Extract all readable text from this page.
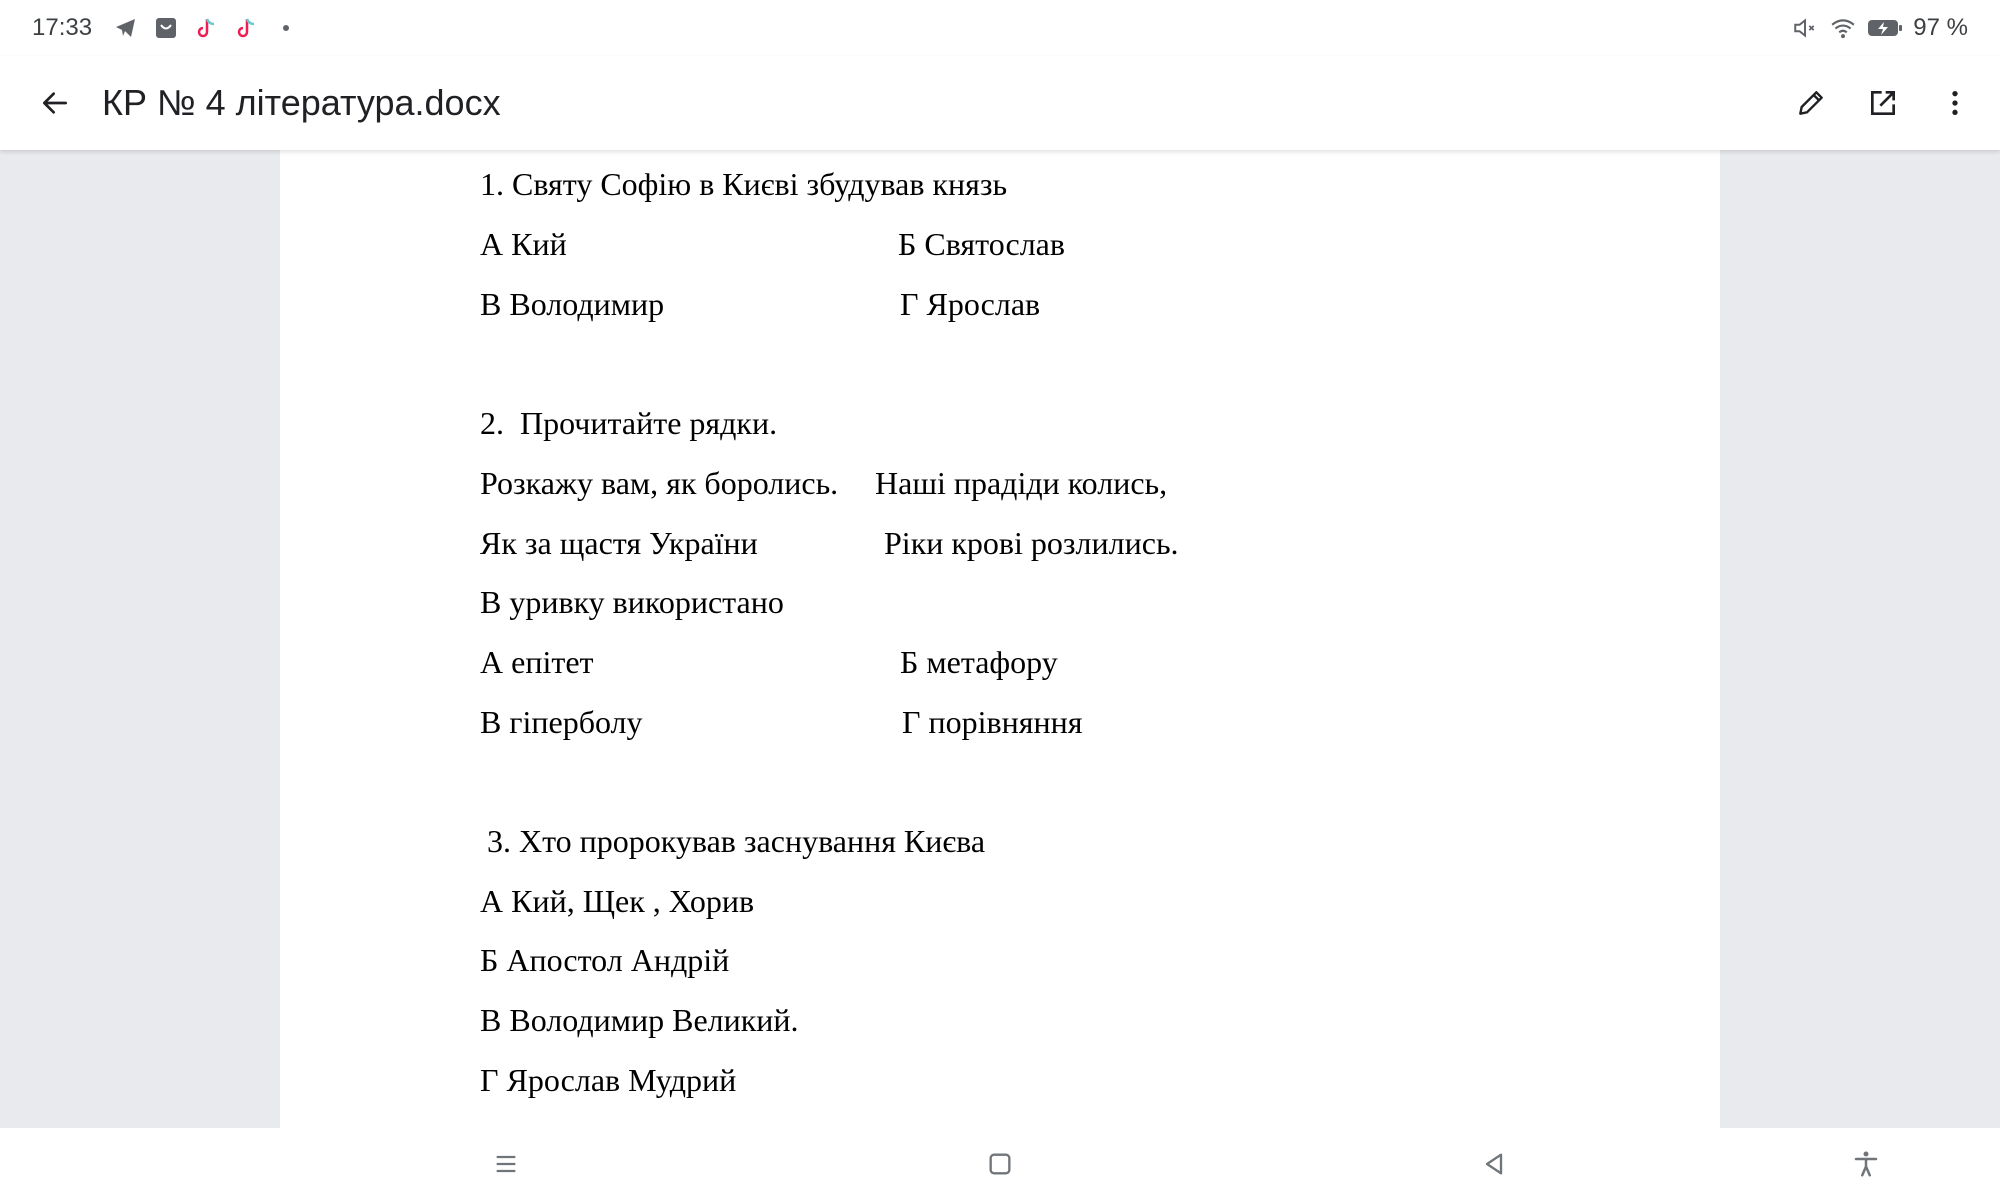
17:33	97 %
КР № 4 література.docx
1. Святу Софію в Києві збудував князь
А Кий	Б Святослав
В Володимир	Г Ярослав
2.  Прочитайте рядки.
Розкажу вам, як боролись. Наші прадіди колись,
Як за щастя України	Ріки крові розлились.
В уривку використано
А епітет	Б метафору
В гіперболу	Г порівняння
3. Хто пророкував заснування Києва
А Кий, Щек , Хорив
Б Апостол Андрій
В Володимир Великий.
Г Ярослав Мудрий
